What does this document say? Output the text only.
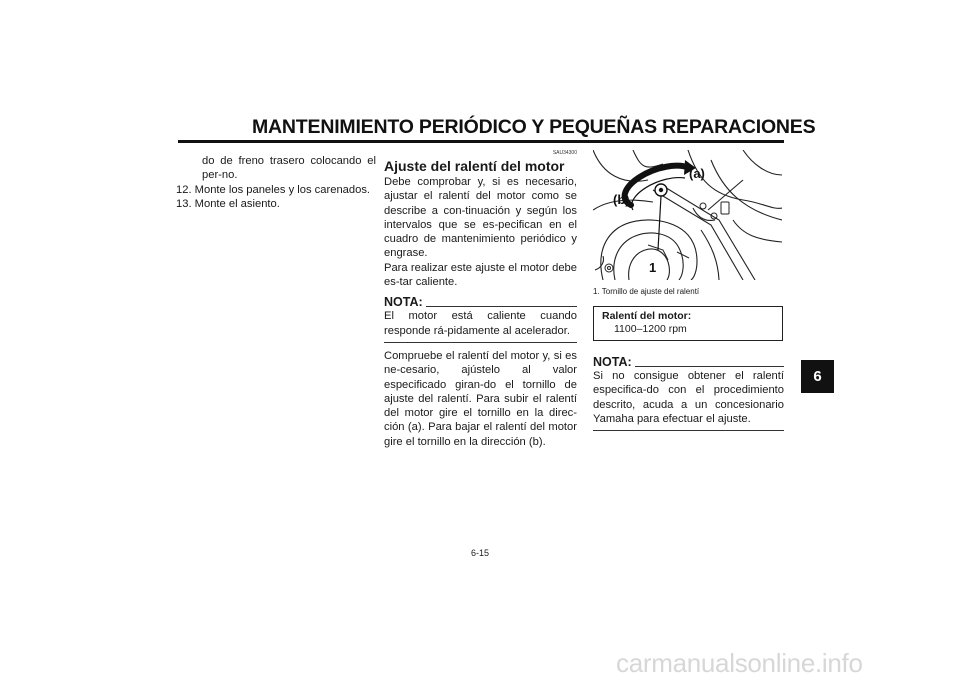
MANTENIMIENTO PERIÓDICO Y PEQUEÑAS REPARACIONES
do de freno trasero colocando el per-no.
12. Monte los paneles y los carenados.
13. Monte el asiento.
SAU34300
Ajuste del ralentí del motor
Debe comprobar y, si es necesario, ajustar el ralentí del motor como se describe a con-tinuación y según los intervalos que se es-pecifican en el cuadro de mantenimiento periódico y engrase.
Para realizar este ajuste el motor debe es-tar caliente.
NOTA:
El motor está caliente cuando responde rá-pidamente al acelerador.
Compruebe el ralentí del motor y, si es ne-cesario, ajústelo al valor especificado giran-do el tornillo de ajuste del ralentí. Para subir el ralentí del motor gire el tornillo en la direc-ción (a). Para bajar el ralentí del motor gire el tornillo en la dirección (b).
(a)
(b)
1
1. Tornillo de ajuste del ralentí
Ralentí del motor:
1100–1200 rpm
NOTA:
Si no consigue obtener el ralentí especifica-do con el procedimiento descrito, acuda a un concesionario Yamaha para efectuar el ajuste.
6
6-15
carmanualsonline.info
